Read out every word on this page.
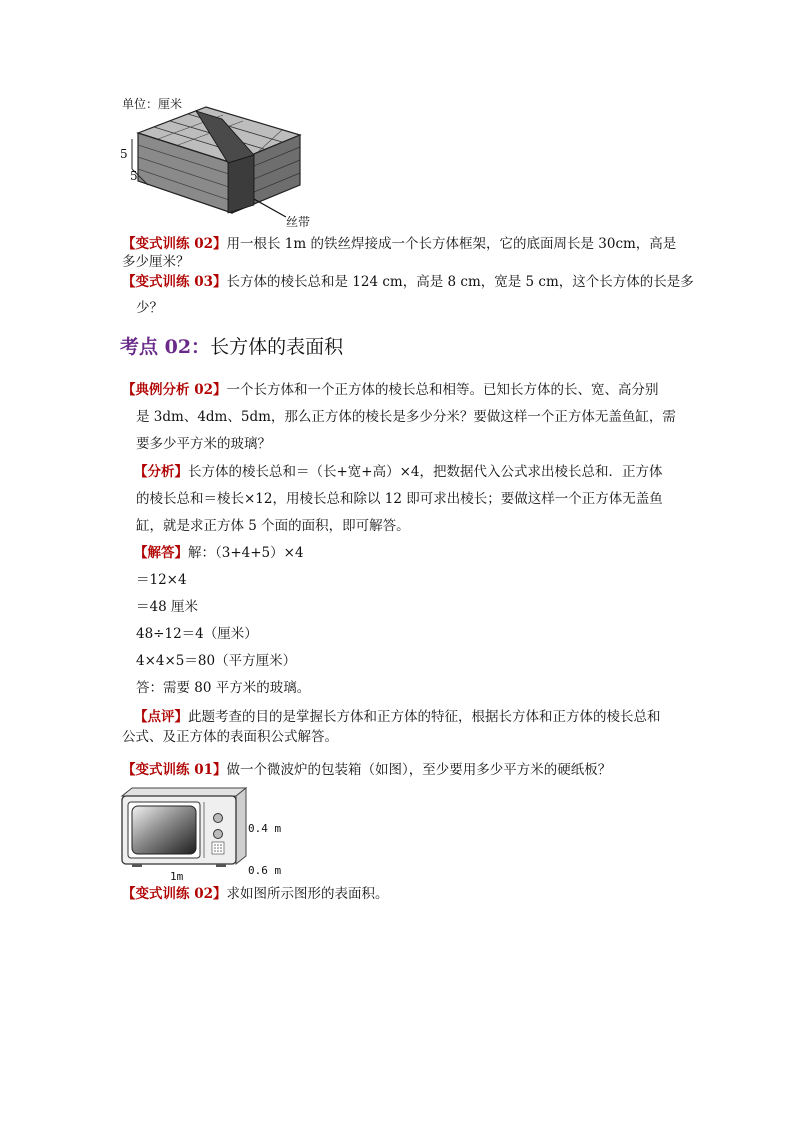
单位：厘米
5
5
丝带
【变式训练 02】用一根长 1m 的铁丝焊接成一个长方体框架，它的底面周长是 30cm，高是
多少厘米？
【变式训练 03】长方体的棱长总和是 124 cm，高是 8 cm，宽是 5 cm，这个长方体的长是多
少？
考点 02：长方体的表面积
【典例分析 02】一个长方体和一个正方体的棱长总和相等。已知长方体的长、宽、高分别
是 3dm、4dm、5dm，那么正方体的棱长是多少分米？要做这样一个正方体无盖鱼缸，需
要多少平方米的玻璃？
【分析】长方体的棱长总和＝（长+宽+高）×4，把数据代入公式求出棱长总和．正方体
的棱长总和＝棱长×12，用棱长总和除以 12 即可求出棱长；要做这样一个正方体无盖鱼
缸，就是求正方体 5 个面的面积，即可解答。
【解答】解：（3+4+5）×4
＝12×4
＝48 厘米
48÷12＝4（厘米）
4×4×5＝80（平方厘米）
答：需要 80 平方米的玻璃。
【点评】此题考查的目的是掌握长方体和正方体的特征，根据长方体和正方体的棱长总和
公式、及正方体的表面积公式解答。
【变式训练 01】做一个微波炉的包装箱（如图），至少要用多少平方米的硬纸板？
0.4 m
0.6 m
1m
【变式训练 02】求如图所示图形的表面积。
